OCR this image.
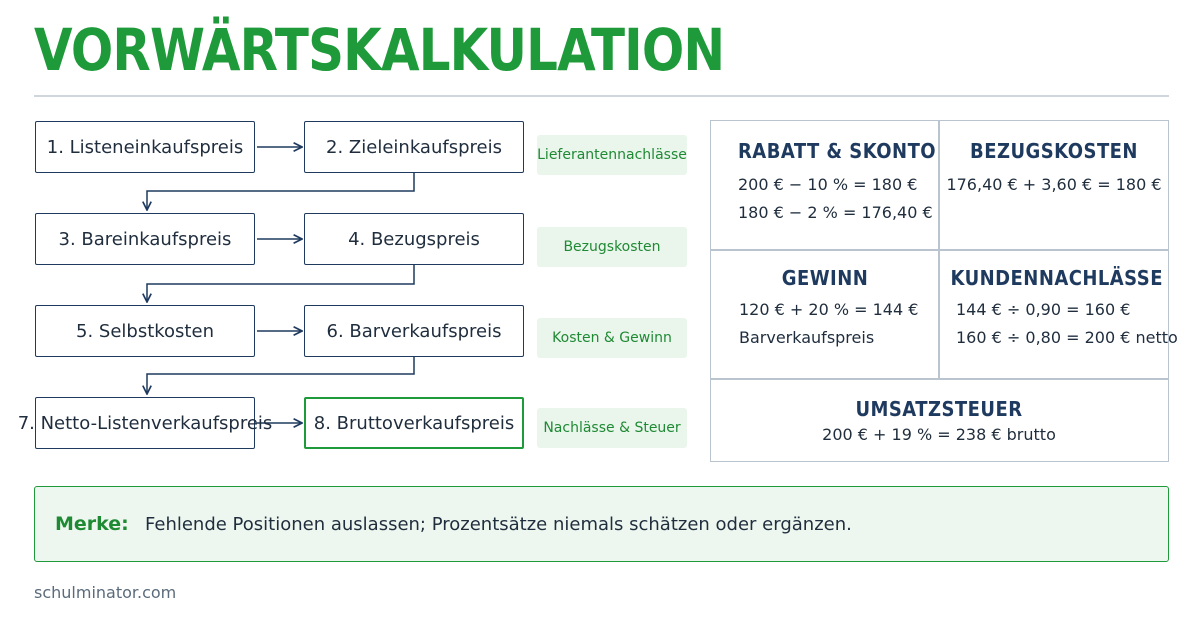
VORWÄRTSKALKULATION
1. Listeneinkaufspreis	2. Zieleinkaufspreis
3. Bareinkaufspreis	4. Bezugspreis
5. Selbstkosten	6. Barverkaufspreis
7. Netto-Listenverkaufspreis	8. Bruttoverkaufspreis
Lieferantennachlässe
Bezugskosten
Kosten & Gewinn
Nachlässe & Steuer
RABATT & SKONTO
200 € − 10 % = 180 €
180 € − 2 % = 176,40 €
BEZUGSKOSTEN
176,40 € + 3,60 € = 180 €
GEWINN
120 € + 20 % = 144 €
Barverkaufspreis
KUNDENNACHLÄSSE
144 € ÷ 0,90 = 160 €
160 € ÷ 0,80 = 200 € netto
UMSATZSTEUER
200 € + 19 % = 238 € brutto
Merke: Fehlende Positionen auslassen; Prozentsätze niemals schätzen oder ergänzen.
schulminator.com
